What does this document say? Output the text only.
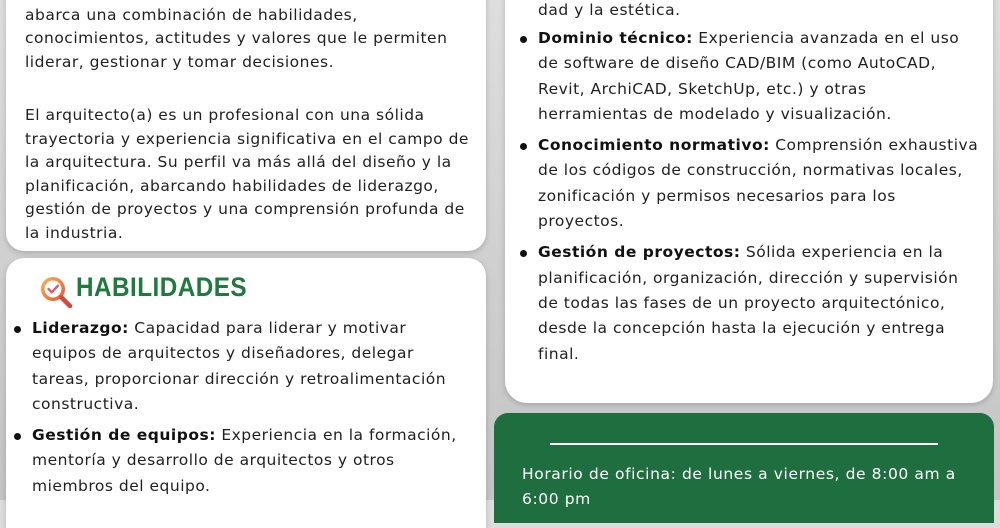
abarca una combinación de habilidades, conocimientos, actitudes y valores que le permiten liderar, gestionar y tomar decisiones.

El arquitecto(a) es un profesional con una sólida trayectoria y experiencia significativa en el campo de la arquitectura. Su perfil va más allá del diseño y la planificación, abarcando habilidades de liderazgo, gestión de proyectos y una comprensión profunda de la industria.

HABILIDADES
Liderazgo: Capacidad para liderar y motivar equipos de arquitectos y diseñadores, delegar tareas, proporcionar dirección y retroalimentación constructiva.
Gestión de equipos: Experiencia en la formación, mentoría y desarrollo de arquitectos y otros miembros del equipo.

dad y la estética.

Dominio técnico: Experiencia avanzada en el uso de software de diseño CAD/BIM (como AutoCAD, Revit, ArchiCAD, SketchUp, etc.) y otras herramientas de modelado y visualización.
Conocimiento normativo: Comprensión exhaustiva de los códigos de construcción, normativas locales, zonificación y permisos necesarios para los proyectos.
Gestión de proyectos: Sólida experiencia en la planificación, organización, dirección y supervisión de todas las fases de un proyecto arquitectónico, desde la concepción hasta la ejecución y entrega final.

Horario de oficina: de lunes a viernes, de 8:00 am a 6:00 pm
